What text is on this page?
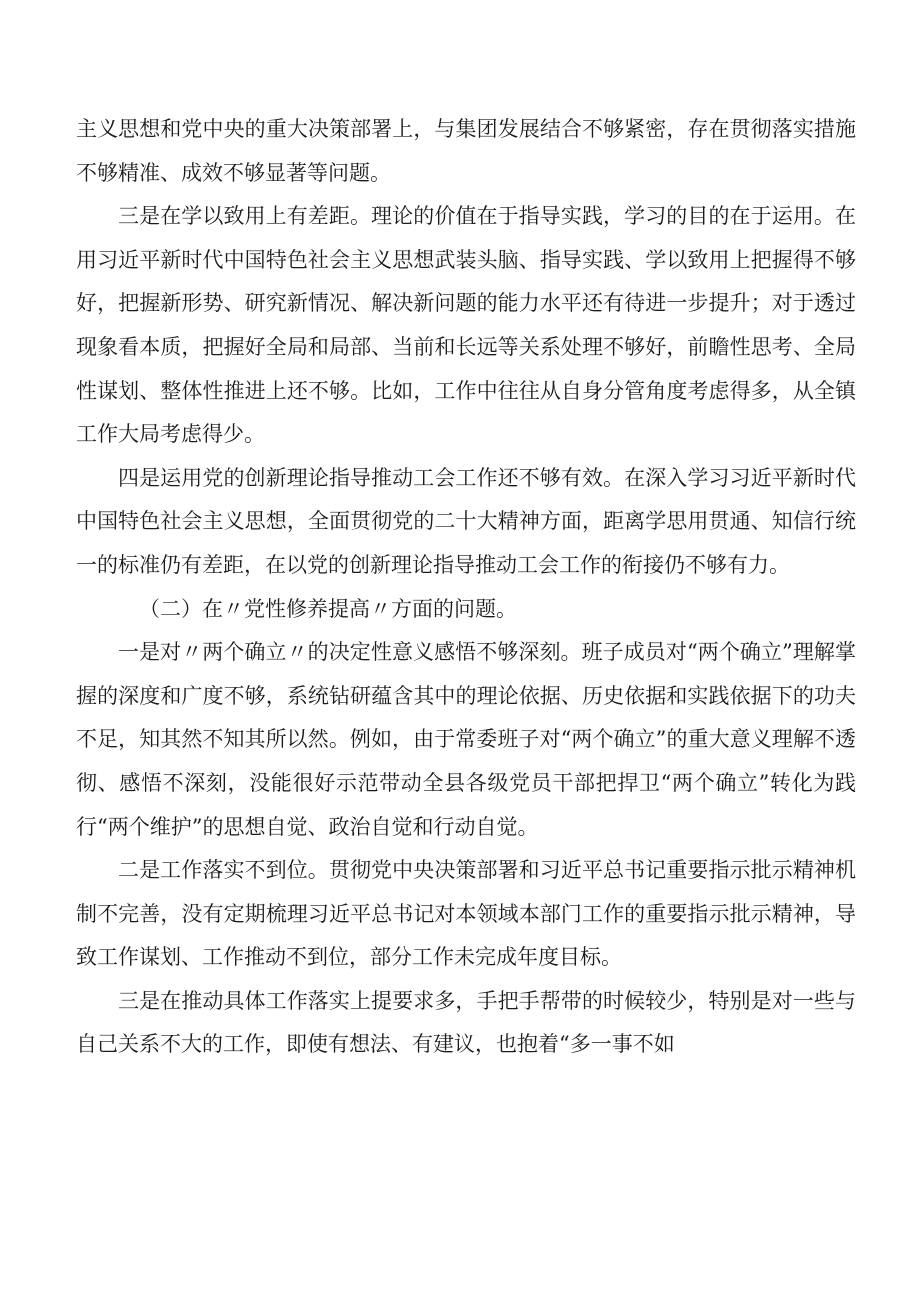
主义思想和党中央的重大决策部署上，与集团发展结合不够紧密，存在贯彻落实措施不够精准、成效不够显著等问题。

三是在学以致用上有差距。理论的价值在于指导实践，学习的目的在于运用。在用习近平新时代中国特色社会主义思想武装头脑、指导实践、学以致用上把握得不够好，把握新形势、研究新情况、解决新问题的能力水平还有待进一步提升；对于透过现象看本质，把握好全局和局部、当前和长远等关系处理不够好，前瞻性思考、全局性谋划、整体性推进上还不够。比如，工作中往往从自身分管角度考虑得多，从全镇工作大局考虑得少。

四是运用党的创新理论指导推动工会工作还不够有效。在深入学习习近平新时代中国特色社会主义思想，全面贯彻党的二十大精神方面，距离学思用贯通、知信行统一的标准仍有差距，在以党的创新理论指导推动工会工作的衔接仍不够有力。

（二）在〃党性修养提高〃方面的问题。

一是对〃两个确立〃的决定性意义感悟不够深刻。班子成员对“两个确立”理解掌握的深度和广度不够，系统钻研蕴含其中的理论依据、历史依据和实践依据下的功夫不足，知其然不知其所以然。例如，由于常委班子对“两个确立”的重大意义理解不透彻、感悟不深刻，没能很好示范带动全县各级党员干部把捍卫“两个确立”转化为践行“两个维护”的思想自觉、政治自觉和行动自觉。

二是工作落实不到位。贯彻党中央决策部署和习近平总书记重要指示批示精神机制不完善，没有定期梳理习近平总书记对本领域本部门工作的重要指示批示精神，导致工作谋划、工作推动不到位，部分工作未完成年度目标。

三是在推动具体工作落实上提要求多，手把手帮带的时候较少，特别是对一些与自己关系不大的工作，即使有想法、有建议，也抱着“多一事不如
